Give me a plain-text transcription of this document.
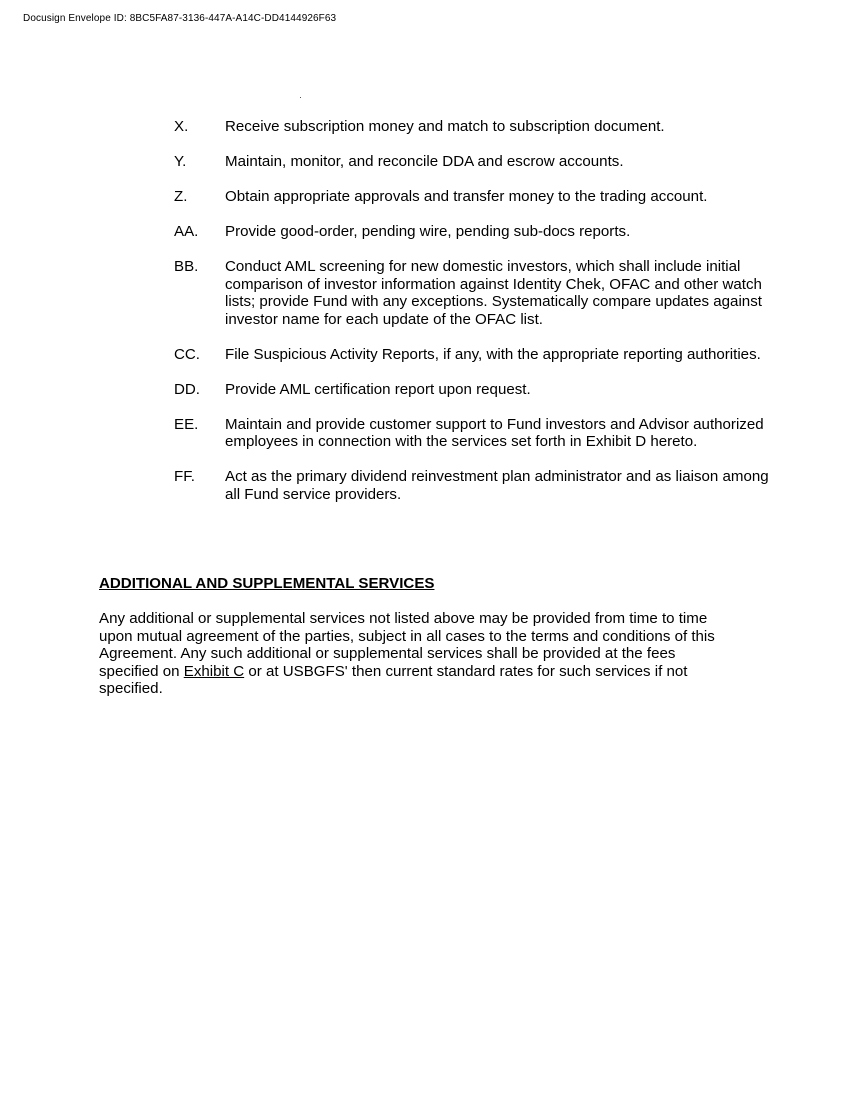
Docusign Envelope ID: 8BC5FA87-3136-447A-A14C-DD4144926F63
X.	Receive subscription money and match to subscription document.
Y.	Maintain, monitor, and reconcile DDA and escrow accounts.
Z.	Obtain appropriate approvals and transfer money to the trading account.
AA.	Provide good-order, pending wire, pending sub-docs reports.
BB.	Conduct AML screening for new domestic investors, which shall include initial comparison of investor information against Identity Chek, OFAC and other watch lists; provide Fund with any exceptions. Systematically compare updates against investor name for each update of the OFAC list.
CC.	File Suspicious Activity Reports, if any, with the appropriate reporting authorities.
DD.	Provide AML certification report upon request.
EE.	Maintain and provide customer support to Fund investors and Advisor authorized employees in connection with the services set forth in Exhibit D hereto.
FF.	Act as the primary dividend reinvestment plan administrator and as liaison among all Fund service providers.
ADDITIONAL AND SUPPLEMENTAL SERVICES
Any additional or supplemental services not listed above may be provided from time to time upon mutual agreement of the parties, subject in all cases to the terms and conditions of this Agreement. Any such additional or supplemental services shall be provided at the fees specified on Exhibit C or at USBGFS' then current standard rates for such services if not specified.
